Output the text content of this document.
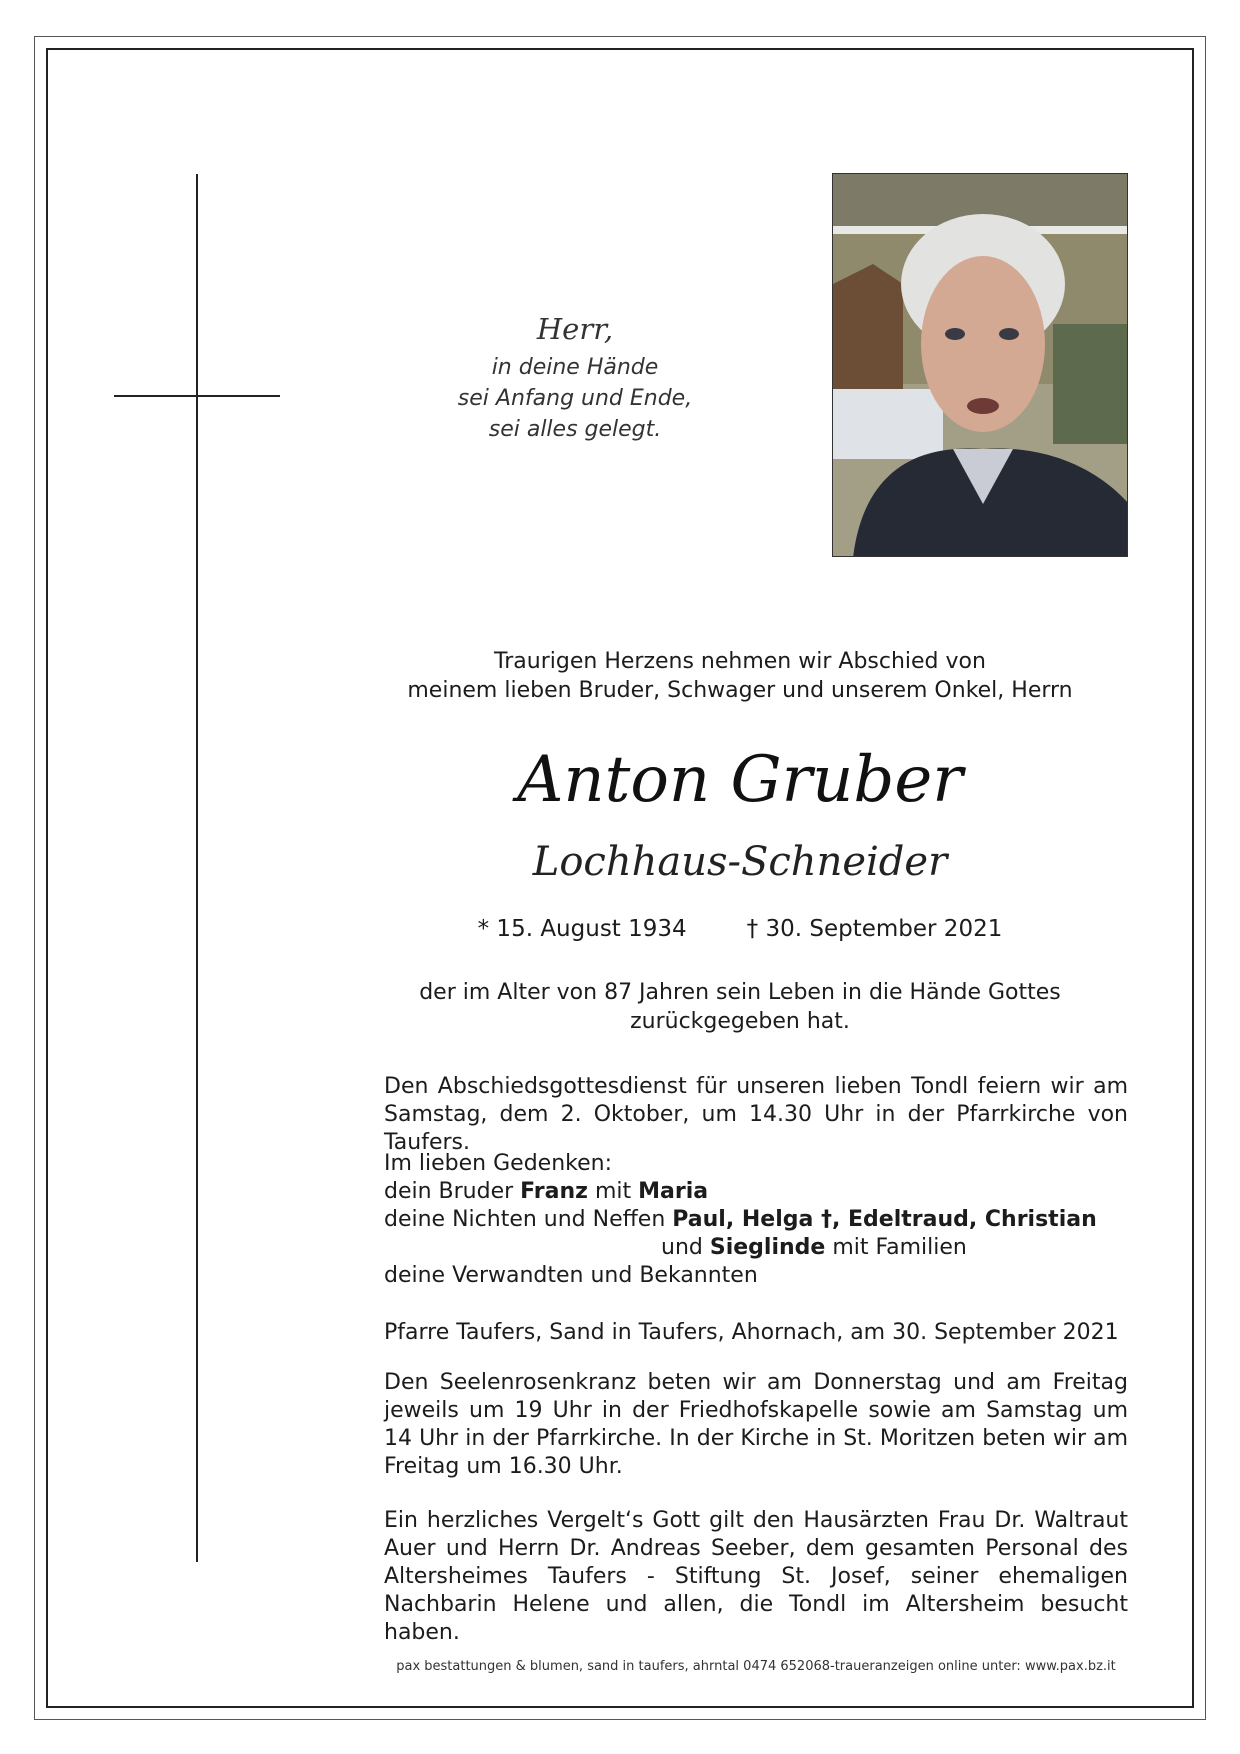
Herr,
in deine Hände
sei Anfang und Ende,
sei alles gelegt.
Traurigen Herzens nehmen wir Abschied von
meinem lieben Bruder, Schwager und unserem Onkel, Herrn
Anton Gruber
Lochhaus-Schneider
* 15. August 1934	† 30. September 2021
der im Alter von 87 Jahren sein Leben in die Hände Gottes
zurückgegeben hat.
Den Abschiedsgottesdienst für unseren lieben Tondl feiern wir am Samstag, dem 2. Oktober, um 14.30 Uhr in der Pfarrkirche von Taufers.
Im lieben Gedenken:
dein Bruder Franz mit Maria
deine Nichten und Neffen Paul, Helga †, Edeltraud, Christian
und Sieglinde mit Familien
deine Verwandten und Bekannten
Pfarre Taufers, Sand in Taufers, Ahornach, am 30. September 2021
Den Seelenrosenkranz beten wir am Donnerstag und am Freitag jeweils um 19 Uhr in der Friedhofskapelle sowie am Samstag um 14 Uhr in der Pfarrkirche. In der Kirche in St. Moritzen beten wir am Freitag um 16.30 Uhr.
Ein herzliches Vergelt‘s Gott gilt den Hausärzten Frau Dr. Waltraut Auer und Herrn Dr. Andreas Seeber, dem gesamten Personal des Altersheimes Taufers - Stiftung St. Josef, seiner ehemaligen Nachbarin Helene und allen, die Tondl im Altersheim besucht haben.
pax bestattungen & blumen, sand in taufers, ahrntal 0474 652068-traueranzeigen online unter: www.pax.bz.it
